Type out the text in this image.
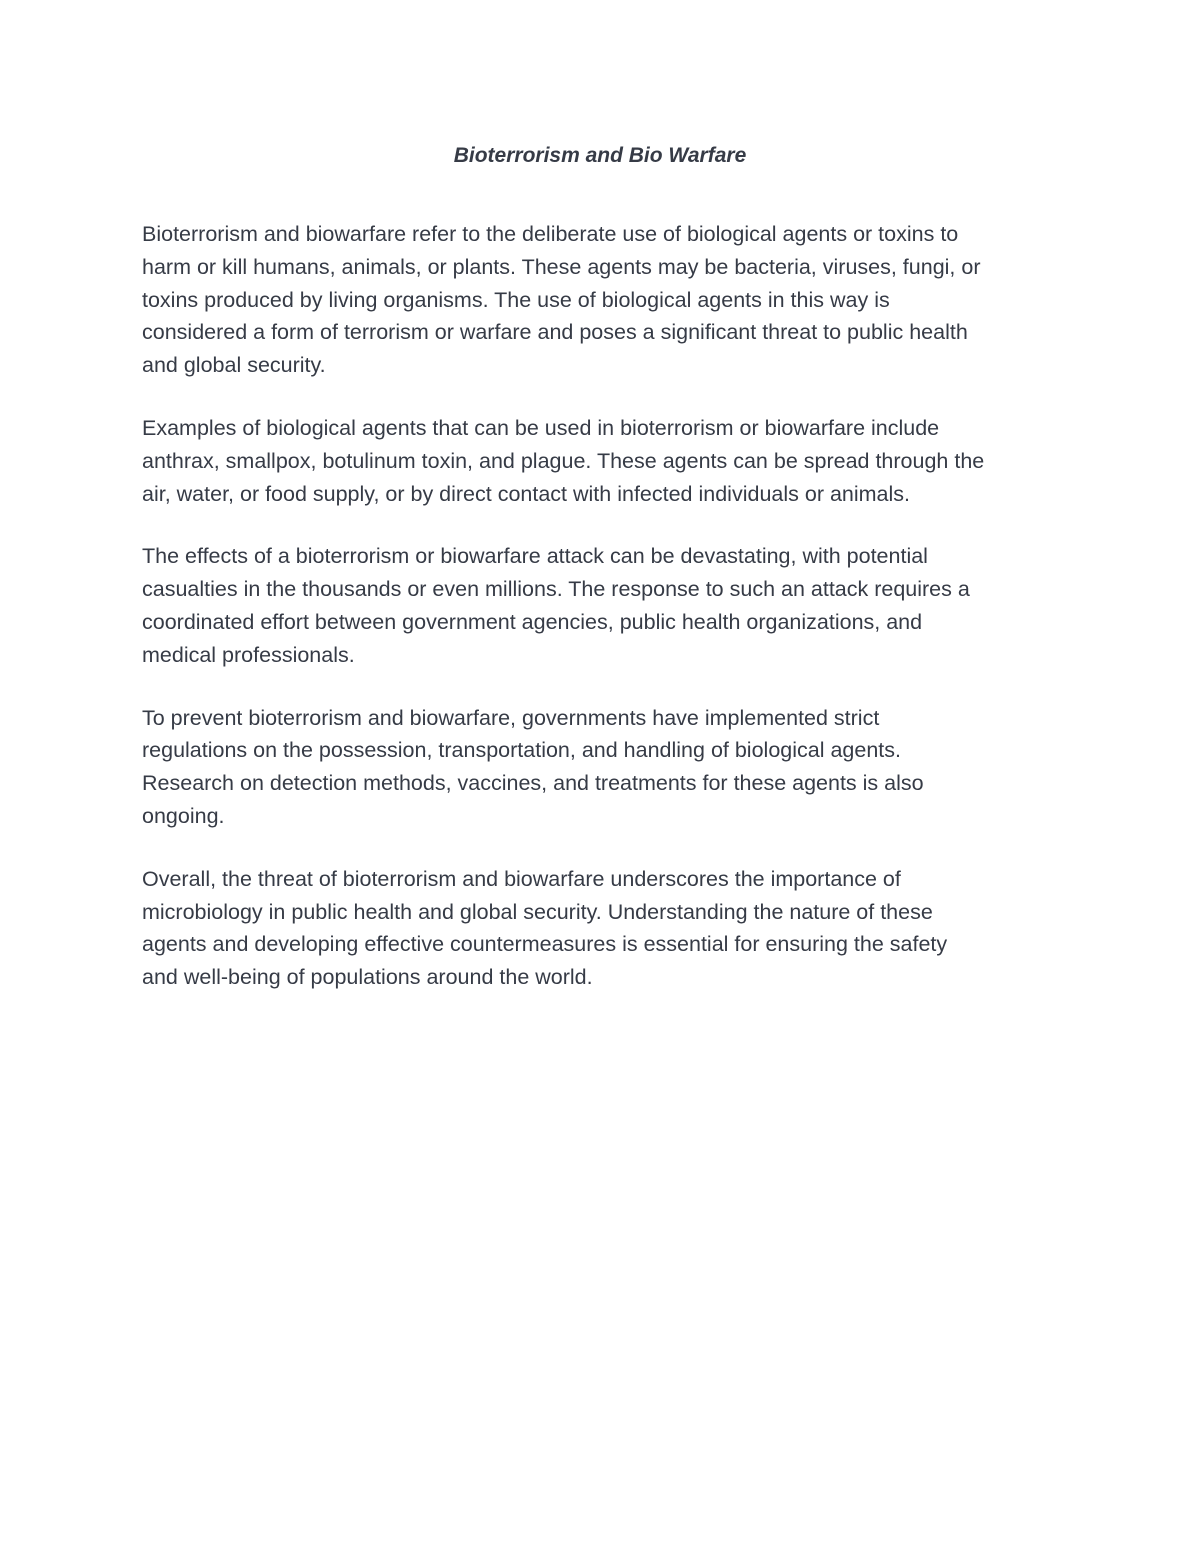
Bioterrorism and Bio Warfare

Bioterrorism and biowarfare refer to the deliberate use of biological agents or toxins to
harm or kill humans, animals, or plants. These agents may be bacteria, viruses, fungi, or
toxins produced by living organisms. The use of biological agents in this way is
considered a form of terrorism or warfare and poses a significant threat to public health
and global security.

Examples of biological agents that can be used in bioterrorism or biowarfare include
anthrax, smallpox, botulinum toxin, and plague. These agents can be spread through the
air, water, or food supply, or by direct contact with infected individuals or animals.

The effects of a bioterrorism or biowarfare attack can be devastating, with potential
casualties in the thousands or even millions. The response to such an attack requires a
coordinated effort between government agencies, public health organizations, and
medical professionals.

To prevent bioterrorism and biowarfare, governments have implemented strict
regulations on the possession, transportation, and handling of biological agents.
Research on detection methods, vaccines, and treatments for these agents is also
ongoing.

Overall, the threat of bioterrorism and biowarfare underscores the importance of
microbiology in public health and global security. Understanding the nature of these
agents and developing effective countermeasures is essential for ensuring the safety
and well-being of populations around the world.
